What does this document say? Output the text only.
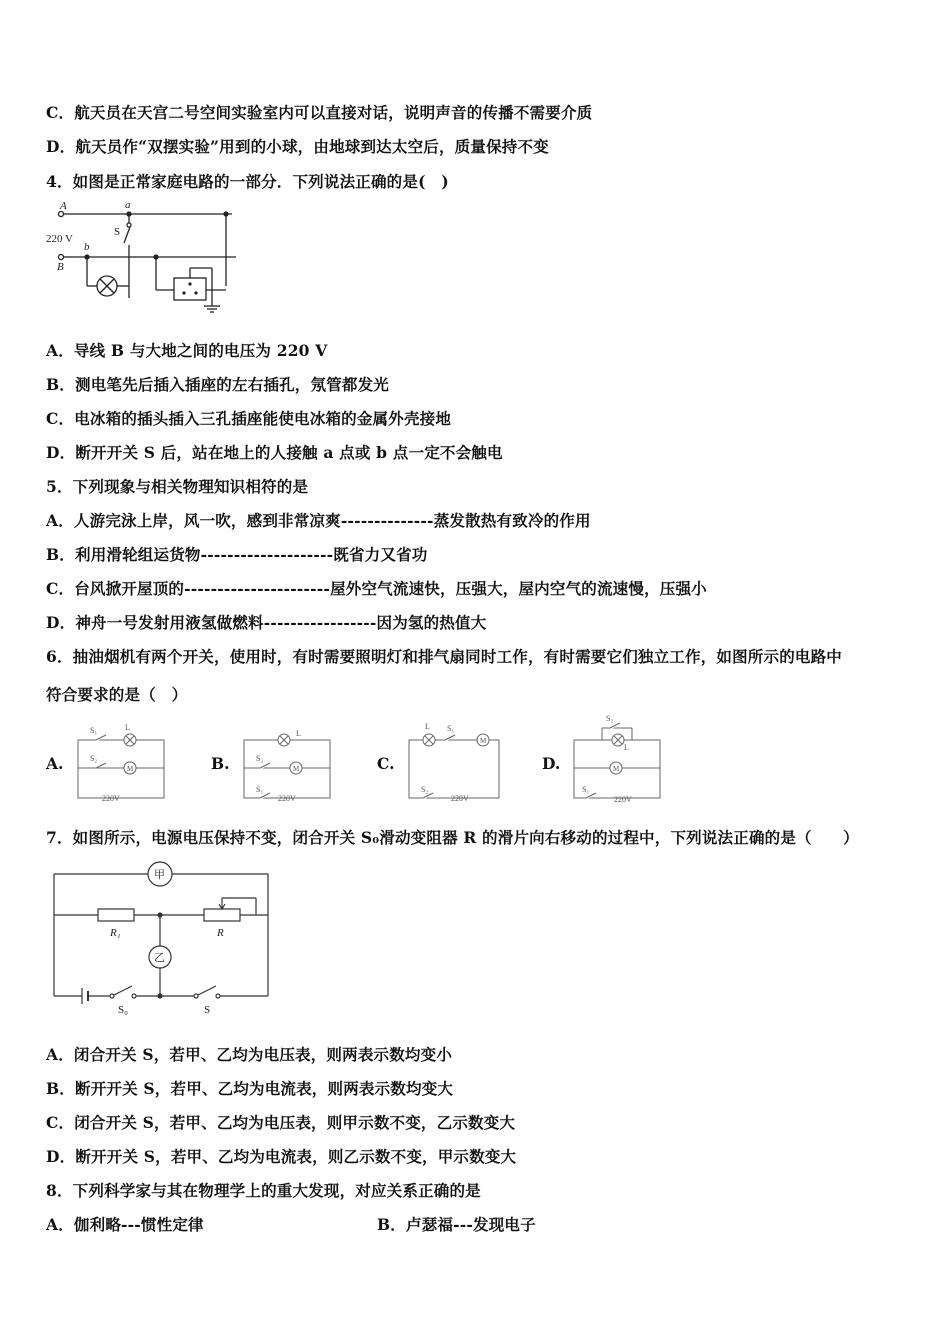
C．航天员在天宫二号空间实验室内可以直接对话，说明声音的传播不需要介质
D．航天员作“双摆实验”用到的小球，由地球到达太空后，质量保持不变
4．如图是正常家庭电路的一部分．下列说法正确的是(　)
A
B
a
b
S
220 V
A．导线 B 与大地之间的电压为 220 V
B．测电笔先后插入插座的左右插孔，氖管都发光
C．电冰箱的插头插入三孔插座能使电冰箱的金属外壳接地
D．断开开关 S 后，站在地上的人接触 a 点或 b 点一定不会触电
5．下列现象与相关物理知识相符的是
A．人游完泳上岸，风一吹，感到非常凉爽--------------蒸发散热有致冷的作用
B．利用滑轮组运货物--------------------既省力又省功
C．台风掀开屋顶的----------------------屋外空气流速快，压强大，屋内空气的流速慢，压强小
D．神舟一号发射用液氢做燃料-----------------因为氢的热值大
6．抽油烟机有两个开关，使用时，有时需要照明灯和排气扇同时工作，有时需要它们独立工作，如图所示的电路中
符合要求的是（　）
A.	B.	C.	D.
S₁	L
S₂
M
220V
L
S₂
M
S₁
220V
L S₁
M
S₂
220V
S₂
L
M
S₁
220V
7．如图所示，电源电压保持不变，闭合开关 S₀滑动变阻器 R 的滑片向右移动的过程中，下列说法正确的是（　　）
甲
乙
R₁	R
S₀	S
A．闭合开关 S，若甲、乙均为电压表，则两表示数均变小
B．断开开关 S，若甲、乙均为电流表，则两表示数均变大
C．闭合开关 S，若甲、乙均为电压表，则甲示数不变，乙示数变大
D．断开开关 S，若甲、乙均为电流表，则乙示数不变，甲示数变大
8．下列科学家与其在物理学上的重大发现，对应关系正确的是
A．伽利略---惯性定律	B．卢瑟福---发现电子
